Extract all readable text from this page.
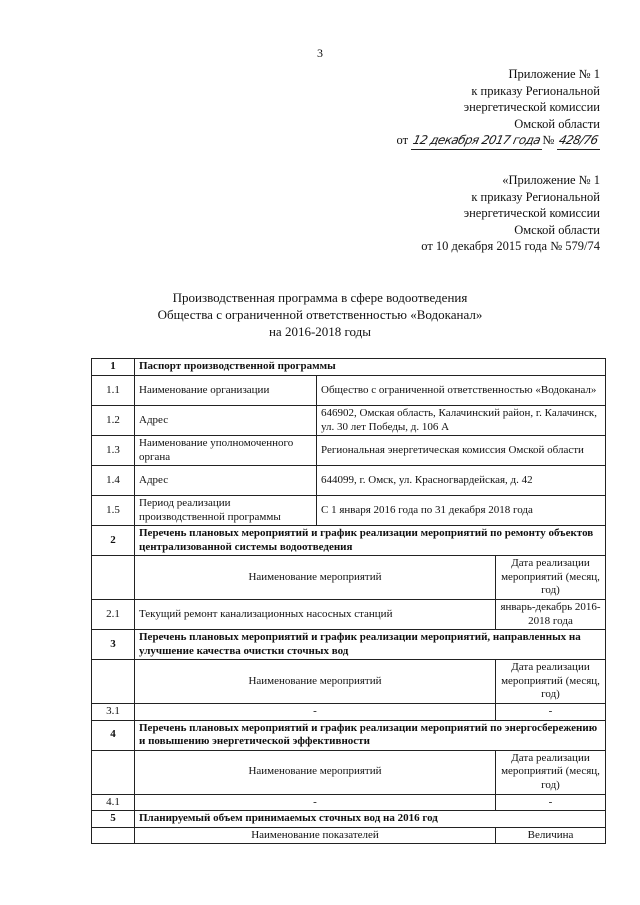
3
Приложение № 1
к приказу Региональной
энергетической комиссии
Омской области
от 12 декабря 2017 года№ 428/76
«Приложение № 1
к приказу Региональной
энергетической комиссии
Омской области
от 10 декабря 2015 года № 579/74
Производственная программа в сфере водоотведения
Общества с ограниченной ответственностью «Водоканал»
на 2016-2018 годы
1	Паспорт производственной программы		
1.1	Наименование организации	Общество с ограниченной ответственностью «Водоканал»	
1.2	Адрес	646902, Омская область, Калачинский район, г. Калачинск, ул. 30 лет Победы, д. 106 А	
1.3	Наименование уполномоченного органа	Региональная энергетическая комиссия Омской области	
1.4	Адрес	644099, г. Омск, ул. Красногвардейская, д. 42	
1.5	Период реализации производственной программы	С 1 января 2016 года по 31 декабря 2018 года	
2	Перечень плановых мероприятий и график реализации мероприятий по ремонту объектов централизованной системы водоотведения		
	Наименование мероприятий		Дата реализации мероприятий (месяц, год)
2.1	Текущий ремонт канализационных насосных станций		январь-декабрь 2016-2018 года
3	Перечень плановых мероприятий и график реализации мероприятий, направленных на улучшение качества очистки сточных вод		
	Наименование мероприятий		Дата реализации мероприятий (месяц, год)
3.1	-		-
4	Перечень плановых мероприятий и график реализации мероприятий по энергосбережению и повышению энергетической эффективности		
	Наименование мероприятий		Дата реализации мероприятий (месяц, год)
4.1	-		-
5	Планируемый объем принимаемых сточных вод на 2016 год		
	Наименование показателей		Величина
